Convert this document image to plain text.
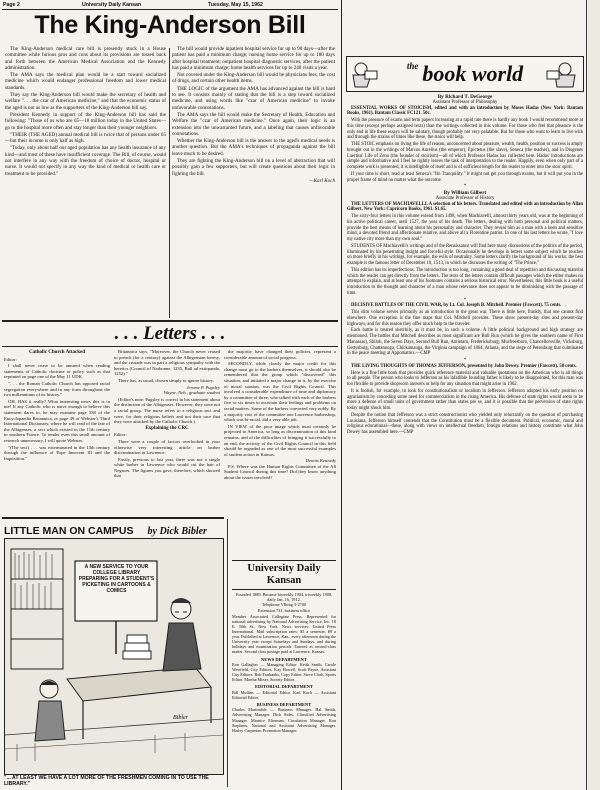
Page 2	University Daily Kansan	Tuesday, May 15, 1962
The King-Anderson Bill

The King-Anderson medical care bill is presently stuck in a House committee while furious pros and cons about its provisions are tossed back and forth between the American Medical Association and the Kennedy administration.

The AMA says the medical plan would be a start toward socialized medicine which would endanger professional freedom and lower medical standards.

They say the King-Anderson bill would make the secretary of health and welfare ". . . the czar of American medicine," and that the economic status of the aged is not as low as the supporters of the King-Anderson bill say.

President Kennedy in support of the King-Anderson bill has said the following: "Those of us who are 65—18 million today in the United States—go to the hospital more often and stay longer than their younger neighbors.

"THEIR (THE AGED) annual medical bill is twice that of persons under 65—but their income is only half as high.

"Today, only about half our aged population has any health insurance of any kind—and most of these have insufficient coverage. The Bill, of course, would not interfere in any way with the freedom of choice of doctor, hospital or nurse. It would not specify in any way the kind of medical or health care or treatment to be provided."

The bill would provide inpatient hospital service for up to 90 days—after the patient has paid a minimum charge; nursing home service for up to 180 days after hospital treatment; outpatient hospital diagnostic services, after the patient has paid a minimum charge; home health services for up to 240 visits a year.

Not covered under the King-Anderson bill would be physicians fees, the cost of drugs, and certain other health items.

THE LOGIC of the argument the AMA has advanced against the bill is hard to see. It consists mainly of stating that the bill is a step toward socialized medicine, and using words like "czar of American medicine" to invoke unfavorable connotations.

The AMA says the bill would make the Secretary of Health, Education and Welfare the "czar of American medicine." Once again, their logic is an extension into the unwarranted future, and a labeling that causes unfavorable connotations.

Whether the King-Anderson bill is the answer to the aged's medical needs is another question. But the AMA's techniques of propaganda against the bill leave much to be desired.

They are fighting the King-Anderson bill on a level of abstraction that will possibly gain a few supporters, but will create questions about their logic in fighting the bill.

—Karl Koch
. . . Letters . . .
Catholic Church Attacked

Editor:

I shall never cease to be amused when reading statements of Catholic doctrine or policy such as that reprinted on page one of the May 11 UDK.

". . . the Roman Catholic Church has opposed racial segregation everywhere and in any form throughout the two millenniums of its history."

OH, HAS it really? What interesting news this is to me! If any Catholic who is naive enough to believe this statement dares to, he may examine page 538 of the Encyclopaedia Britannica, or page 49 of Webster's Third International Dictionary, where he will read of the fate of the Albigenses, a sect which existed in the 11th century in southern France. To render even this small amount of research unnecessary, I will quote Webster.

"(The sect) . . . was exterminated in the 13th century through the influence of Pope Innocent III and the Inquisition."

Britannica says, "Moreover, the Church never ceased to preach (for a century) against the Albigensian heresy, and the crusade was in part a religious sympathy with the heretics (Council of Narbonne, 1235, Bull ad extirpanda, 1252)."

There has, as usual, chosen simply to ignore history.

Jerome P. Pugsley
Wayne, Neb., graduate student

(Editor's note: Pugsley is correct in his statement about the distinction of the Albigenses. However, they were not a racial group. The nurse refers to a religious sect and were, for their religious beliefs and not their race that they were attacked by the Catholic Church.)

Explaining the CRC

Editor:

There were a couple of factors overlooked in your otherwise very interesting article on barber discrimination in Lawrence.

Firstly, previous to last year, there was not a single white barber in Lawrence who would cut the hair of Negroes. The figures you gave, therefore, which showed that

the majority have changed their policies, represent a considerable amount of social progress.

SECONDLY, while clearly the major credit for this change must go to the barbers themselves, it should also be remembered that the group which "discovered" this situation, and initiated a major change in it, by the exercise of moral suasion, was the Civil Rights Council. This involved a considerable expenditure of time and diplomacy by a committee of three, who talked with each of the barbers five or six times to ascertain their feelings and problems on racial matters. Some of the barbers converted very nobly. By a majority vote of the committee one Lawrence barbershop, which was bi-racial, did a very able job.

IN VIEW of the poor image which must certainly be projected to America, so long as discrimination of this kind remains, and of the difficulties of bringing it successfully to an end, the activity of the Civil Rights Council in this field should be regarded as one of the most successful examples of student action in Kansas.

Dennis Kennedy

P.S. Where was the Human Rights Committee of the All Student Council during this time? Did they know anything about the issues involved?

LITTLE MAN ON CAMPUS by Dick Bibler
A NEW SERVICE TO YOUR COLLEGE LIBRARY PREPARING FOR A STUDENT'S PICKETING IN CARTOONS & COMICS
Bibler
"... AT LEAST WE HAVE A LOT MORE OF THE FRESHMEN COMING IN TO USE THE LIBRARY."
University Daily Kansan
Founded 1889. Became biweekly 1904, triweekly 1908, daily Jan. 16, 1912.
Telephone VIking 3-2700
Extension 731, business office
Member Associated Collegiate Press. Represented for national advertising by National Advertising Service, Inc. 18 E. 50th St., New York. News services: United Press International. Mail subscription rates: $5 a semester, $9 a year. Published at Lawrence, Kan., every afternoon during the University year except Saturdays and Sundays, and during holidays and examination periods. Entered as second-class matter. Second class postage paid at Lawrence, Kansas.
NEWS DEPARTMENT
Ron Gallagher — Managing Editor. Keith Smith, Carole Westfield, City Editors. Kay Howell, Scott Payne, Assistant City Editors. Bob Fairbanks, Copy Editor. Steve Clark, Sports Editor. Martha Moser, Society Editor.
EDITORIAL DEPARTMENT
Bill Mullins — Editorial Editor. Karl Koch — Assistant Editorial Editor.
BUSINESS DEPARTMENT
Charles Martindale — Business Manager. Hal Smith, Advertising Manager. Dick Sides, Classified Advertising Manager. Maurice Elterman, Circulation Manager. Ron Stephens, National and Assistant Advertising Manager. Harley Carpenter, Promotion Manager.
$^{the}$ book world
By Richard T. DeGeorge
Assistant Professor of Philosophy

ESSENTIAL WORKS OF STOICISM, edited and with an introduction by Moses Hadas (New York: Bantam Books, 1961). Bantam Classic FC121. 50c.

With the pressure of exams and term papers increasing at a rapid rate there is hardly any book I would recommend more at this time (except perhaps assigned texts) than the writings collected in this volume. For those who feel that pleasure is the only end in life these essays will be salutary, though probably not very palatable. But for those who want to learn to live with and through the strains of times like these, the stoics will help.

THE STOIC emphasis on living the life of reason, unconcerned about pleasure, wealth, health, position or success is amply brought out in the writings of Marcus Aurelius (the emperor), Epictetus (the slave), Seneca (the teacher), and in Diogenes Laertius' Life of Zeno (the founder of stoicism)—all of which Professor Hadas has collected here. Hadas' introductions are simple and informative and I feel he rightly leaves the task of interpretation to the reader. Happily, even when only part of a complete work is presented, it is intelligible of itself and is of sufficient length for the reader to enter into the stoic spirit.

If your time is short, read at least Seneca's "On Tranquility." It might not get you through exams, but it will put you in the proper frame of mind no matter what the outcome.

*
By William Gilbert
Associate Professor of History

THE LETTERS OF MACHIAVELLI. A selection of his letters. Translated and edited with an introduction by Allan Gilbert. New York: Capricorn Books, 1961. $1.65.

The sixty-four letters in this volume extend from 1498, when Machiavelli, almost thirty years old, was at the beginning of his active political career, until 1527, the year of his death. The letters, dealing with both personal and political matters, provide the best means of learning about his personality and character. They reveal him as a man with a keen and sensitive mind, a devoted friend and affectionate relative, and above all a Florentine patriot. In one of his last letters he wrote, "I love my native city more than my own soul."

STUDENTS OF Machiavelli's writings and of the Renaissance will find here many discussions of the politics of the period, illuminated by his penetrating insight and forceful style. Occasionally he develops in letters some subject which he touches on more briefly in his writings, for example, the evils of neutrality. Some letters clarify the background of his works; the best example is the famous letter of December 10, 1513, in which he discusses the writing of "The Prince."

This edition has its imperfections. The introduction is too long, containing a good deal of repetition and discussing material which the reader can get directly from the letters. The texts of the letters contain difficult passages which the editor makes no attempt to explain, and at least one of his footnotes contains a serious historical error. Nevertheless, this little book is a useful introduction to the thought and character of a man whose relevance does not appear to be diminishing with the passage of time.

*

DECISIVE BATTLES OF THE CIVIL WAR, by Lt. Col. Joseph B. Mitchell. Premier (Fawcett). 75 cents.

This slim volume serves primarily as an introduction to the great war. There is little here, frankly, that one cannot find elsewhere. One exception is the fine maps that Col. Mitchell provides. These show present-day sites and present-day highways, and for this reason they offer much help to the traveler.

Each battle is treated sketchily, as it must be, in such a volume. A little political background and high strategy are mentioned. The battles that Mitchell describes as most significant are Bull Run (which he gives the southern name of First Manassas), Shiloh, the Seven Days, Second Bull Run, Antietam, Fredericksburg, Murfreesboro, Chancellorsville, Vicksburg, Gettysburg, Chattanooga, Chickamauga, the Virginia campaign of 1864, Atlanta, and the siege of Petersburg that culminated in the peace meeting at Appomattox.—CMP

*

THE LIVING THOUGHTS OF THOMAS JEFFERSON, presented by John Dewey. Premier (Fawcett). 50 cents.

Here is a fine little book that provides quick reference material and valuable quotations on the American who is all things to all people. The person who looks to Jefferson as his infallible founding father is likely to be disappointed, for this man was too flexible to provide shopworn answers or help for any situation that might arise in 1962.

It is foolish, for example, to look for constitutionalism or localism in Jefferson. Jefferson adopted his early position on agrarianism by conceding some need for commercialism in the rising America. His defense of state rights would seem to be more a defense of small units of government rather than states per se, and it is possible that the perversion of state rights today might shock him.

Despite the notion that Jefferson was a strict constructionist who yielded only reluctantly on the question of purchasing Louisiana, Jefferson himself contends that the Constitution must be a flexible document. Political, economic, moral and religious educational—these, along with views on intellectual freedom, foreign relations and history constitute what John Dewey has assembled here.—CMP
